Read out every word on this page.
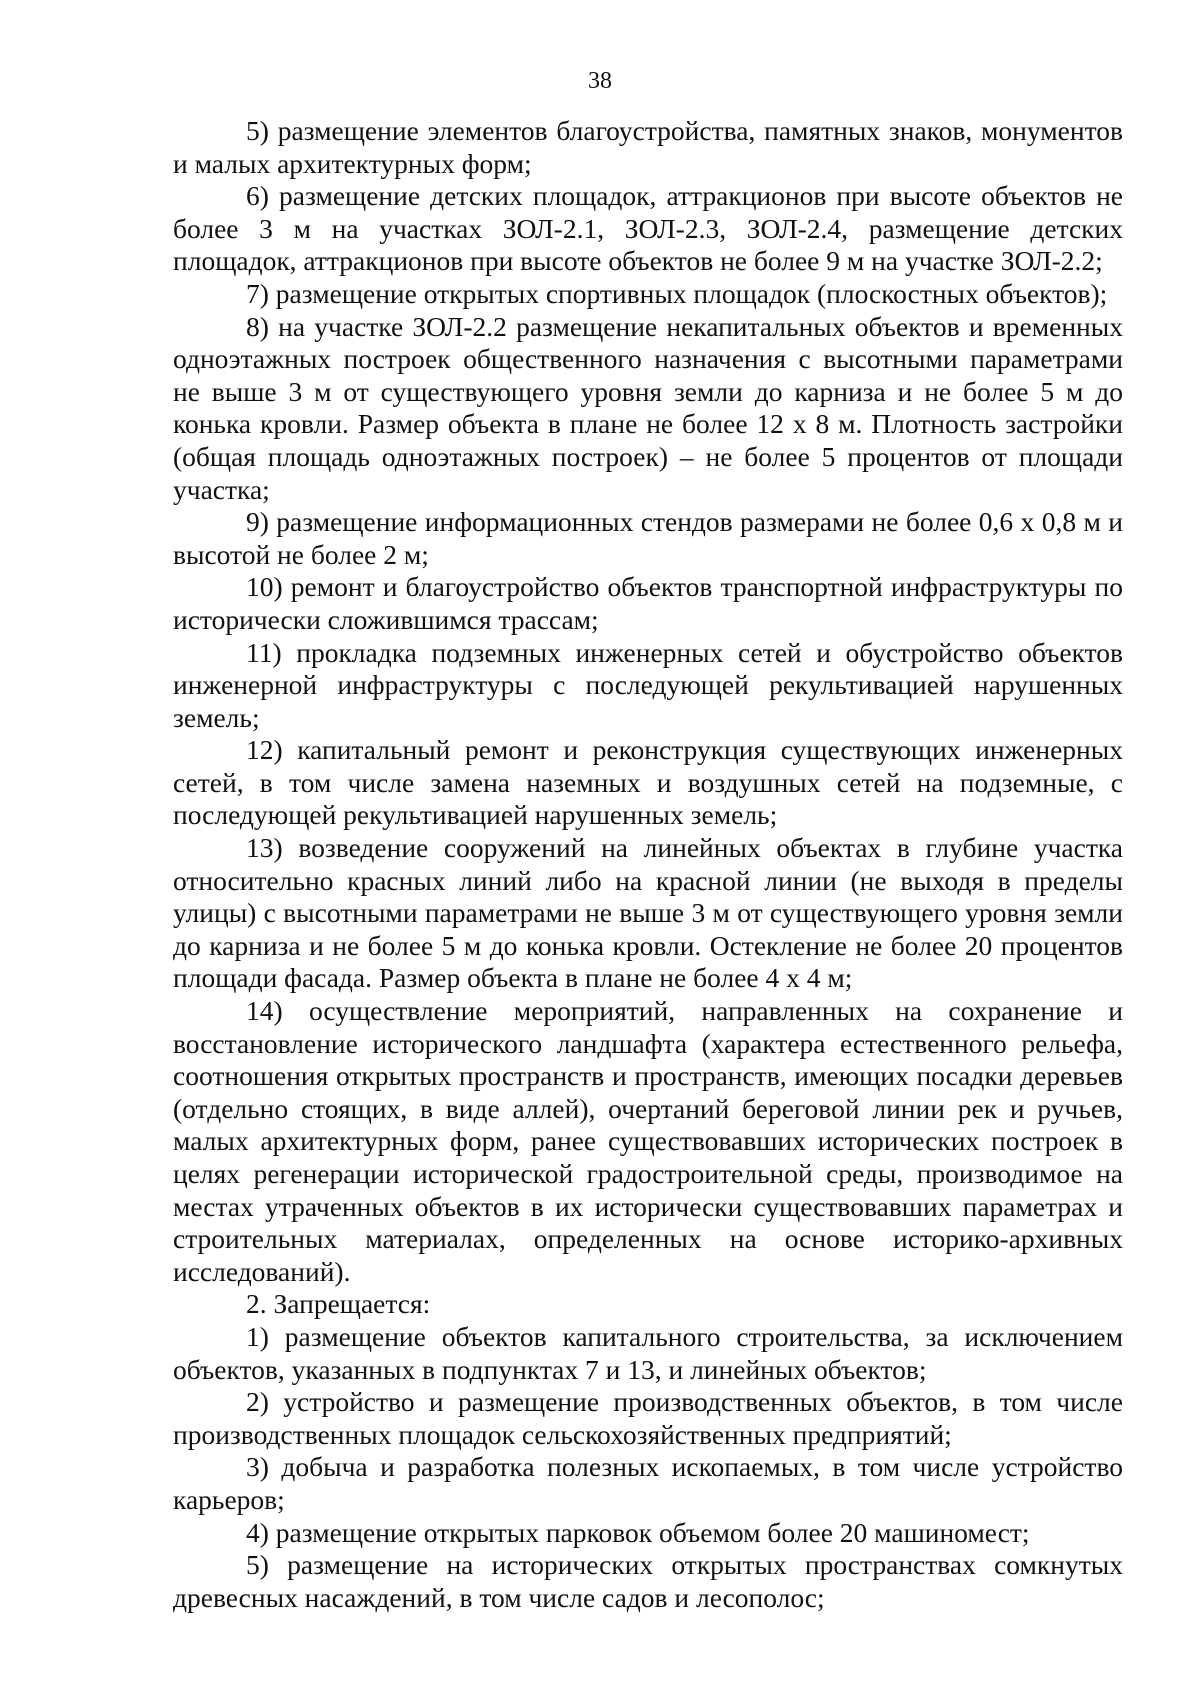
38

5) размещение элементов благоустройства, памятных знаков, монументов и малых архитектурных форм;

6) размещение детских площадок, аттракционов при высоте объектов не более 3 м на участках ЗОЛ-2.1, ЗОЛ-2.3, ЗОЛ-2.4, размещение детских площадок, аттракционов при высоте объектов не более 9 м на участке ЗОЛ-2.2;

7) размещение открытых спортивных площадок (плоскостных объектов);

8) на участке ЗОЛ-2.2 размещение некапитальных объектов и временных одноэтажных построек общественного назначения с высотными параметрами не выше 3 м от существующего уровня земли до карниза и не более 5 м до конька кровли. Размер объекта в плане не более 12 х 8 м. Плотность застройки (общая площадь одноэтажных построек) – не более 5 процентов от площади участка;

9) размещение информационных стендов размерами не более 0,6 х 0,8 м и высотой не более 2 м;

10) ремонт и благоустройство объектов транспортной инфраструктуры по исторически сложившимся трассам;

11) прокладка подземных инженерных сетей и обустройство объектов инженерной инфраструктуры с последующей рекультивацией нарушенных земель;

12) капитальный ремонт и реконструкция существующих инженерных сетей, в том числе замена наземных и воздушных сетей на подземные, с последующей рекультивацией нарушенных земель;

13) возведение сооружений на линейных объектах в глубине участка относительно красных линий либо на красной линии (не выходя в пределы улицы) с высотными параметрами не выше 3 м от существующего уровня земли до карниза и не более 5 м до конька кровли. Остекление не более 20 процентов площади фасада. Размер объекта в плане не более 4 х 4 м;

14) осуществление мероприятий, направленных на сохранение и восстановление исторического ландшафта (характера естественного рельефа, соотношения открытых пространств и пространств, имеющих посадки деревьев (отдельно стоящих, в виде аллей), очертаний береговой линии рек и ручьев, малых архитектурных форм, ранее существовавших исторических построек в целях регенерации исторической градостроительной среды, производимое на местах утраченных объектов в их исторически существовавших параметрах и строительных материалах, определенных на основе историко-архивных исследований).

2. Запрещается:

1) размещение объектов капитального строительства, за исключением объектов, указанных в подпунктах 7 и 13, и линейных объектов;

2) устройство и размещение производственных объектов, в том числе производственных площадок сельскохозяйственных предприятий;

3) добыча и разработка полезных ископаемых, в том числе устройство карьеров;

4) размещение открытых парковок объемом более 20 машиномест;

5) размещение на исторических открытых пространствах сомкнутых древесных насаждений, в том числе садов и лесополос;
